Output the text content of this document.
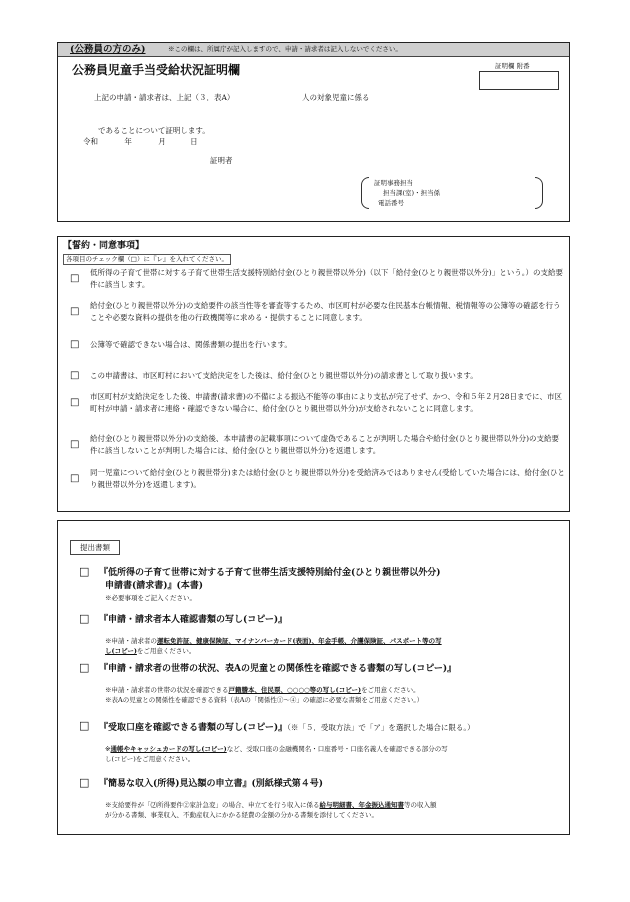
(公務員の方のみ)	※この欄は、所属庁が記入しますので、申請・請求者は記入しないでください。
公務員児童手当受給状況証明欄	証明欄 附番
上記の申請・請求者は、上記（３．表A）	人の対象児童に係る
であることについて証明します。
令和	年	月	日
証明者
証明事務担当
担当課(室)・担当係
電話番号
【誓約・同意事項】
各項目のチェック欄（□）に『レ』を入れてください。
□ 低所得の子育て世帯に対する子育て世帯生活支援特別給付金(ひとり親世帯以外分)（以下「給付金(ひとり親世帯以外分)」という。）の支給要件に該当します。
□ 給付金(ひとり親世帯以外分)の支給要件の該当性等を審査等するため、市区町村が必要な住民基本台帳情報、税情報等の公簿等の確認を行うことや必要な資料の提供を他の行政機関等に求める・提供することに同意します。
□ 公簿等で確認できない場合は、関係書類の提出を行います。
□ この申請書は、市区町村において支給決定をした後は、給付金(ひとり親世帯以外分)の請求書として取り扱います。
□ 市区町村が支給決定をした後、申請書(請求書)の不備による振込不能等の事由により支払が完了せず、かつ、令和５年２月28日までに、市区町村が申請・請求者に連絡・確認できない場合に、給付金(ひとり親世帯以外分)が支給されないことに同意します。
□ 給付金(ひとり親世帯以外分)の支給後、本申請書の記載事項について虚偽であることが判明した場合や給付金(ひとり親世帯以外分)の支給要件に該当しないことが判明した場合には、給付金(ひとり親世帯以外分)を返還します。
□ 同一児童について給付金(ひとり親世帯分)または給付金(ひとり親世帯以外分)を受給済みではありません(受給していた場合には、給付金(ひとり親世帯以外分)を返還します)。
提出書類
□ 『低所得の子育て世帯に対する子育て世帯生活支援特別給付金(ひとり親世帯以外分)
申請書(請求書)』(本書)
※必要事項をご記入ください。
□ 『申請・請求者本人確認書類の写し(コピー)』
※申請・請求者の運転免許証、健康保険証、マイナンバーカード(表面)、年金手帳、介護保険証、パスポート等の写
し(コピー)をご用意ください。
□ 『申請・請求者の世帯の状況、表Aの児童との関係性を確認できる書類の写し(コピー)』
※申請・請求者の世帯の状況を確認できる戸籍謄本、住民票、○○○○等の写し(コピー)をご用意ください。
※表Aの児童との関係性を確認できる資料（表Aの「関係性①～④」の確認に必要な書類をご用意ください。）
□ 『受取口座を確認できる書類の写し(コピー)』（※「５．受取方法」で「ア」を選択した場合に限る。）
※通帳やキャッシュカードの写し(コピー)など、受取口座の金融機関名・口座番号・口座名義人を確認できる部分の写
し(コピー)をご用意ください。
□ 『簡易な収入(所得)見込額の申立書』(別紙様式第４号)
※支給要件が「⑵所得要件②家計急変」の場合、申立てを行う収入に係る給与明細書、年金振込通知書等の収入額
が分かる書類、事業収入、不動産収入にかかる経費の金額の分かる書類を添付してください。
